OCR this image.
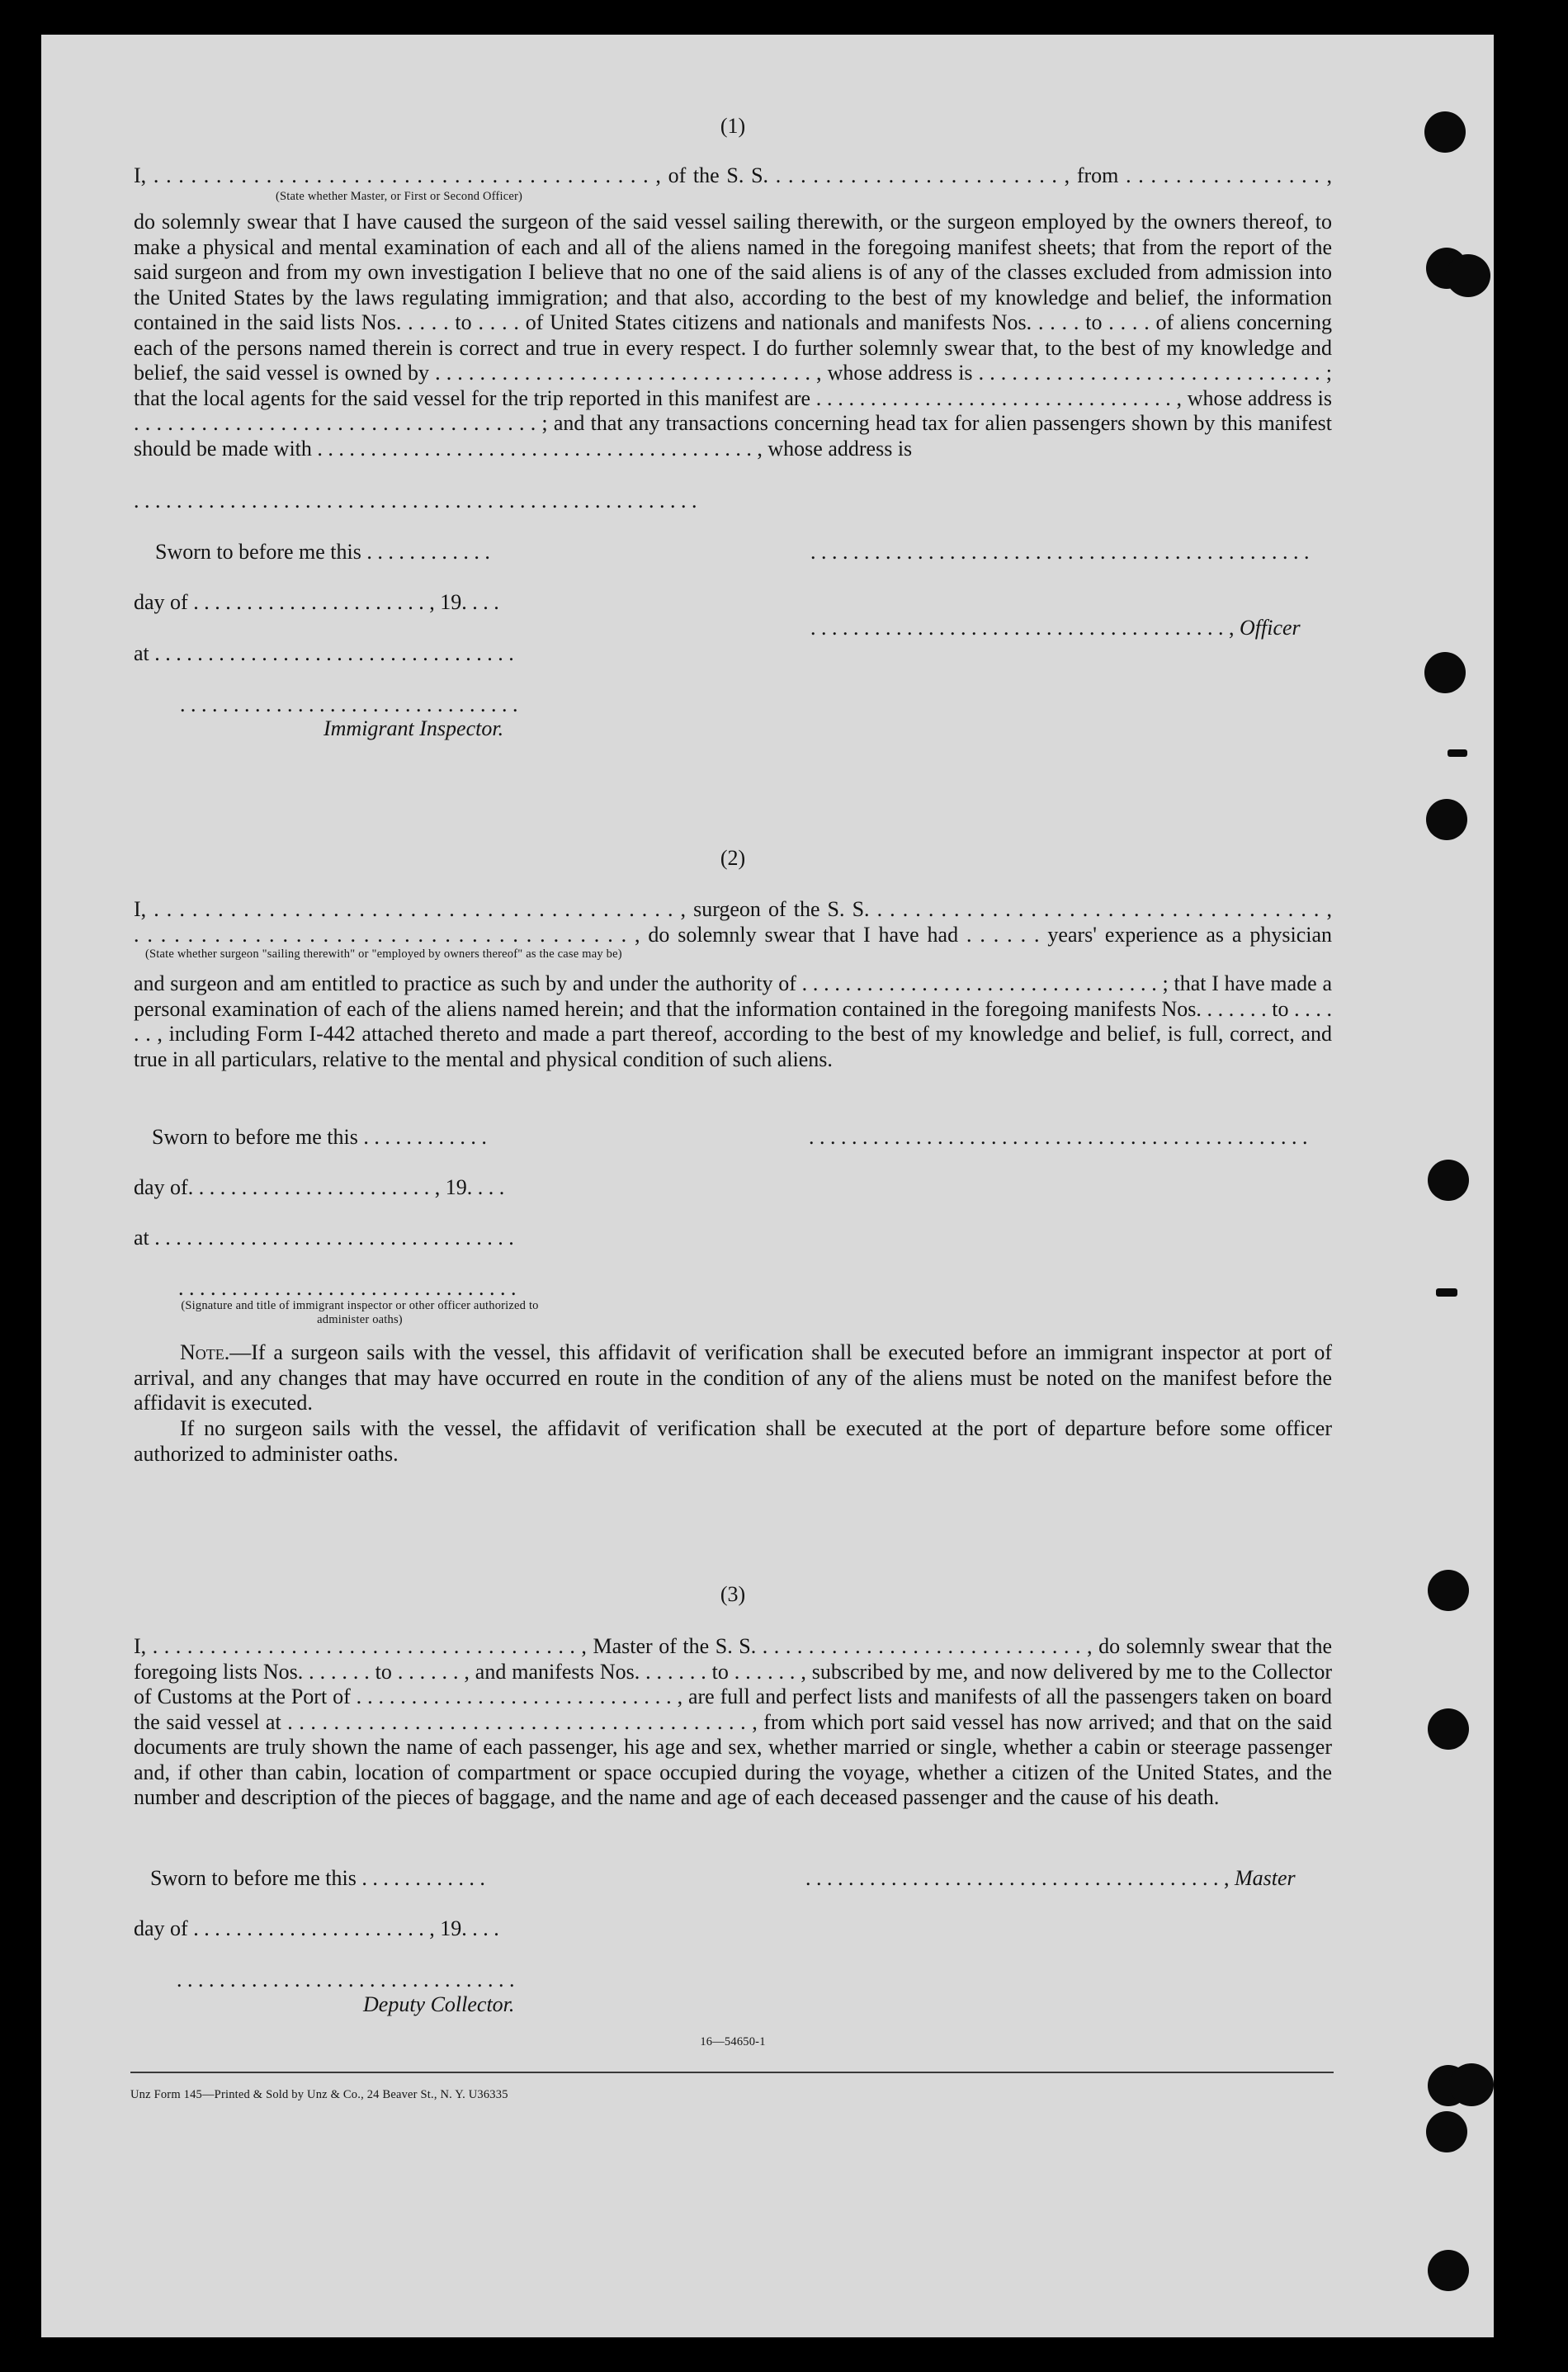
(1)
I, . . . . . . . . . . . . . . . . . . . . . . . . . . . . . . . . . . . . . . . . , of the S. S. . . . . . . . . . . . . . . . . . . . . . . . , from . . . . . . . . . . . . . . . . ,
(State whether Master, or First or Second Officer)
do solemnly swear that I have caused the surgeon of the said vessel sailing therewith, or the surgeon employed by the owners thereof, to make a physical and mental examination of each and all of the aliens named in the foregoing manifest sheets; that from the report of the said surgeon and from my own investigation I believe that no one of the said aliens is of any of the classes excluded from admission into the United States by the laws regulating immigration; and that also, according to the best of my knowledge and belief, the information contained in the said lists Nos. . . . . to . . . . of United States citizens and nationals and manifests Nos. . . . . to . . . . of aliens concerning each of the persons named therein is correct and true in every respect. I do further solemnly swear that, to the best of my knowledge and belief, the said vessel is owned by . . . . . . . . . . . . . . . . . . . . . . . . . . . . . . . . . . , whose address is . . . . . . . . . . . . . . . . . . . . . . . . . . . . . . . ; that the local agents for the said vessel for the trip reported in this manifest are . . . . . . . . . . . . . . . . . . . . . . . . . . . . . . . . . , whose address is . . . . . . . . . . . . . . . . . . . . . . . . . . . . . . . . . . . . ; and that any transactions concerning head tax for alien passengers shown by this manifest should be made with . . . . . . . . . . . . . . . . . . . . . . . . . . . . . . . . . . . . . . . . . , whose address is
. . . . . . . . . . . . . . . . . . . . . . . . . . . . . . . . . . . . . . . . . . . . . . . . . . . . .
Sworn to before me this . . . . . . . . . . . .	. . . . . . . . . . . . . . . . . . . . . . . . . . . . . . . . . . . . . . . . . . . . . . .
day of . . . . . . . . . . . . . . . . . . . . . . , 19. . . .
. . . . . . . . . . . . . . . . . . . . . . . . . . . . . . . . . . . . . . . , Officer
at . . . . . . . . . . . . . . . . . . . . . . . . . . . . . . . . . .
. . . . . . . . . . . . . . . . . . . . . . . . . . . . . . . .
Immigrant Inspector.
(2)
I, . . . . . . . . . . . . . . . . . . . . . . . . . . . . . . . . . . . . . . . . . , surgeon of the S. S. . . . . . . . . . . . . . . . . . . . . . . . . . . . . . . . . . . . ,
. . . . . . . . . . . . . . . . . . . . . . . . . . . . . . . . . . . . . , do solemnly swear that I have had . . . . . . years' experience as a physician
(State whether surgeon "sailing therewith" or "employed by owners thereof" as the case may be)
and surgeon and am entitled to practice as such by and under the authority of . . . . . . . . . . . . . . . . . . . . . . . . . . . . . . . . . ; that I have made a personal examination of each of the aliens named herein; and that the information contained in the foregoing manifests Nos. . . . . . . to . . . . . . , including Form I-442 attached thereto and made a part thereof, according to the best of my knowledge and belief, is full, correct, and true in all particulars, relative to the mental and physical condition of such aliens.
Sworn to before me this . . . . . . . . . . . .	. . . . . . . . . . . . . . . . . . . . . . . . . . . . . . . . . . . . . . . . . . . . . . .
day of. . . . . . . . . . . . . . . . . . . . . . . , 19. . . .
at . . . . . . . . . . . . . . . . . . . . . . . . . . . . . . . . . .
. . . . . . . . . . . . . . . . . . . . . . . . . . . . . . . .
(Signature and title of immigrant inspector or other officer authorized to administer oaths)
Note.—If a surgeon sails with the vessel, this affidavit of verification shall be executed before an immigrant inspector at port of arrival, and any changes that may have occurred en route in the condition of any of the aliens must be noted on the manifest before the affidavit is executed.
If no surgeon sails with the vessel, the affidavit of verification shall be executed at the port of departure before some officer authorized to administer oaths.
(3)
I, . . . . . . . . . . . . . . . . . . . . . . . . . . . . . . . . . . . . . , Master of the S. S. . . . . . . . . . . . . . . . . . . . . . . . . . . . . , do solemnly swear that the foregoing lists Nos. . . . . . . to . . . . . . , and manifests Nos. . . . . . . to . . . . . . , subscribed by me, and now delivered by me to the Collector of Customs at the Port of . . . . . . . . . . . . . . . . . . . . . . . . . . . . . , are full and perfect lists and manifests of all the passengers taken on board the said vessel at . . . . . . . . . . . . . . . . . . . . . . . . . . . . . . . . . . . . . . . . , from which port said vessel has now arrived; and that on the said documents are truly shown the name of each passenger, his age and sex, whether married or single, whether a cabin or steerage passenger and, if other than cabin, location of compartment or space occupied during the voyage, whether a citizen of the United States, and the number and description of the pieces of baggage, and the name and age of each deceased passenger and the cause of his death.
Sworn to before me this . . . . . . . . . . . .	. . . . . . . . . . . . . . . . . . . . . . . . . . . . . . . . . . . . . . . , Master
day of . . . . . . . . . . . . . . . . . . . . . . , 19. . . .
. . . . . . . . . . . . . . . . . . . . . . . . . . . . . . . .
Deputy Collector.
16—54650-1
Unz Form 145—Printed & Sold by Unz & Co., 24 Beaver St., N. Y. U36335
